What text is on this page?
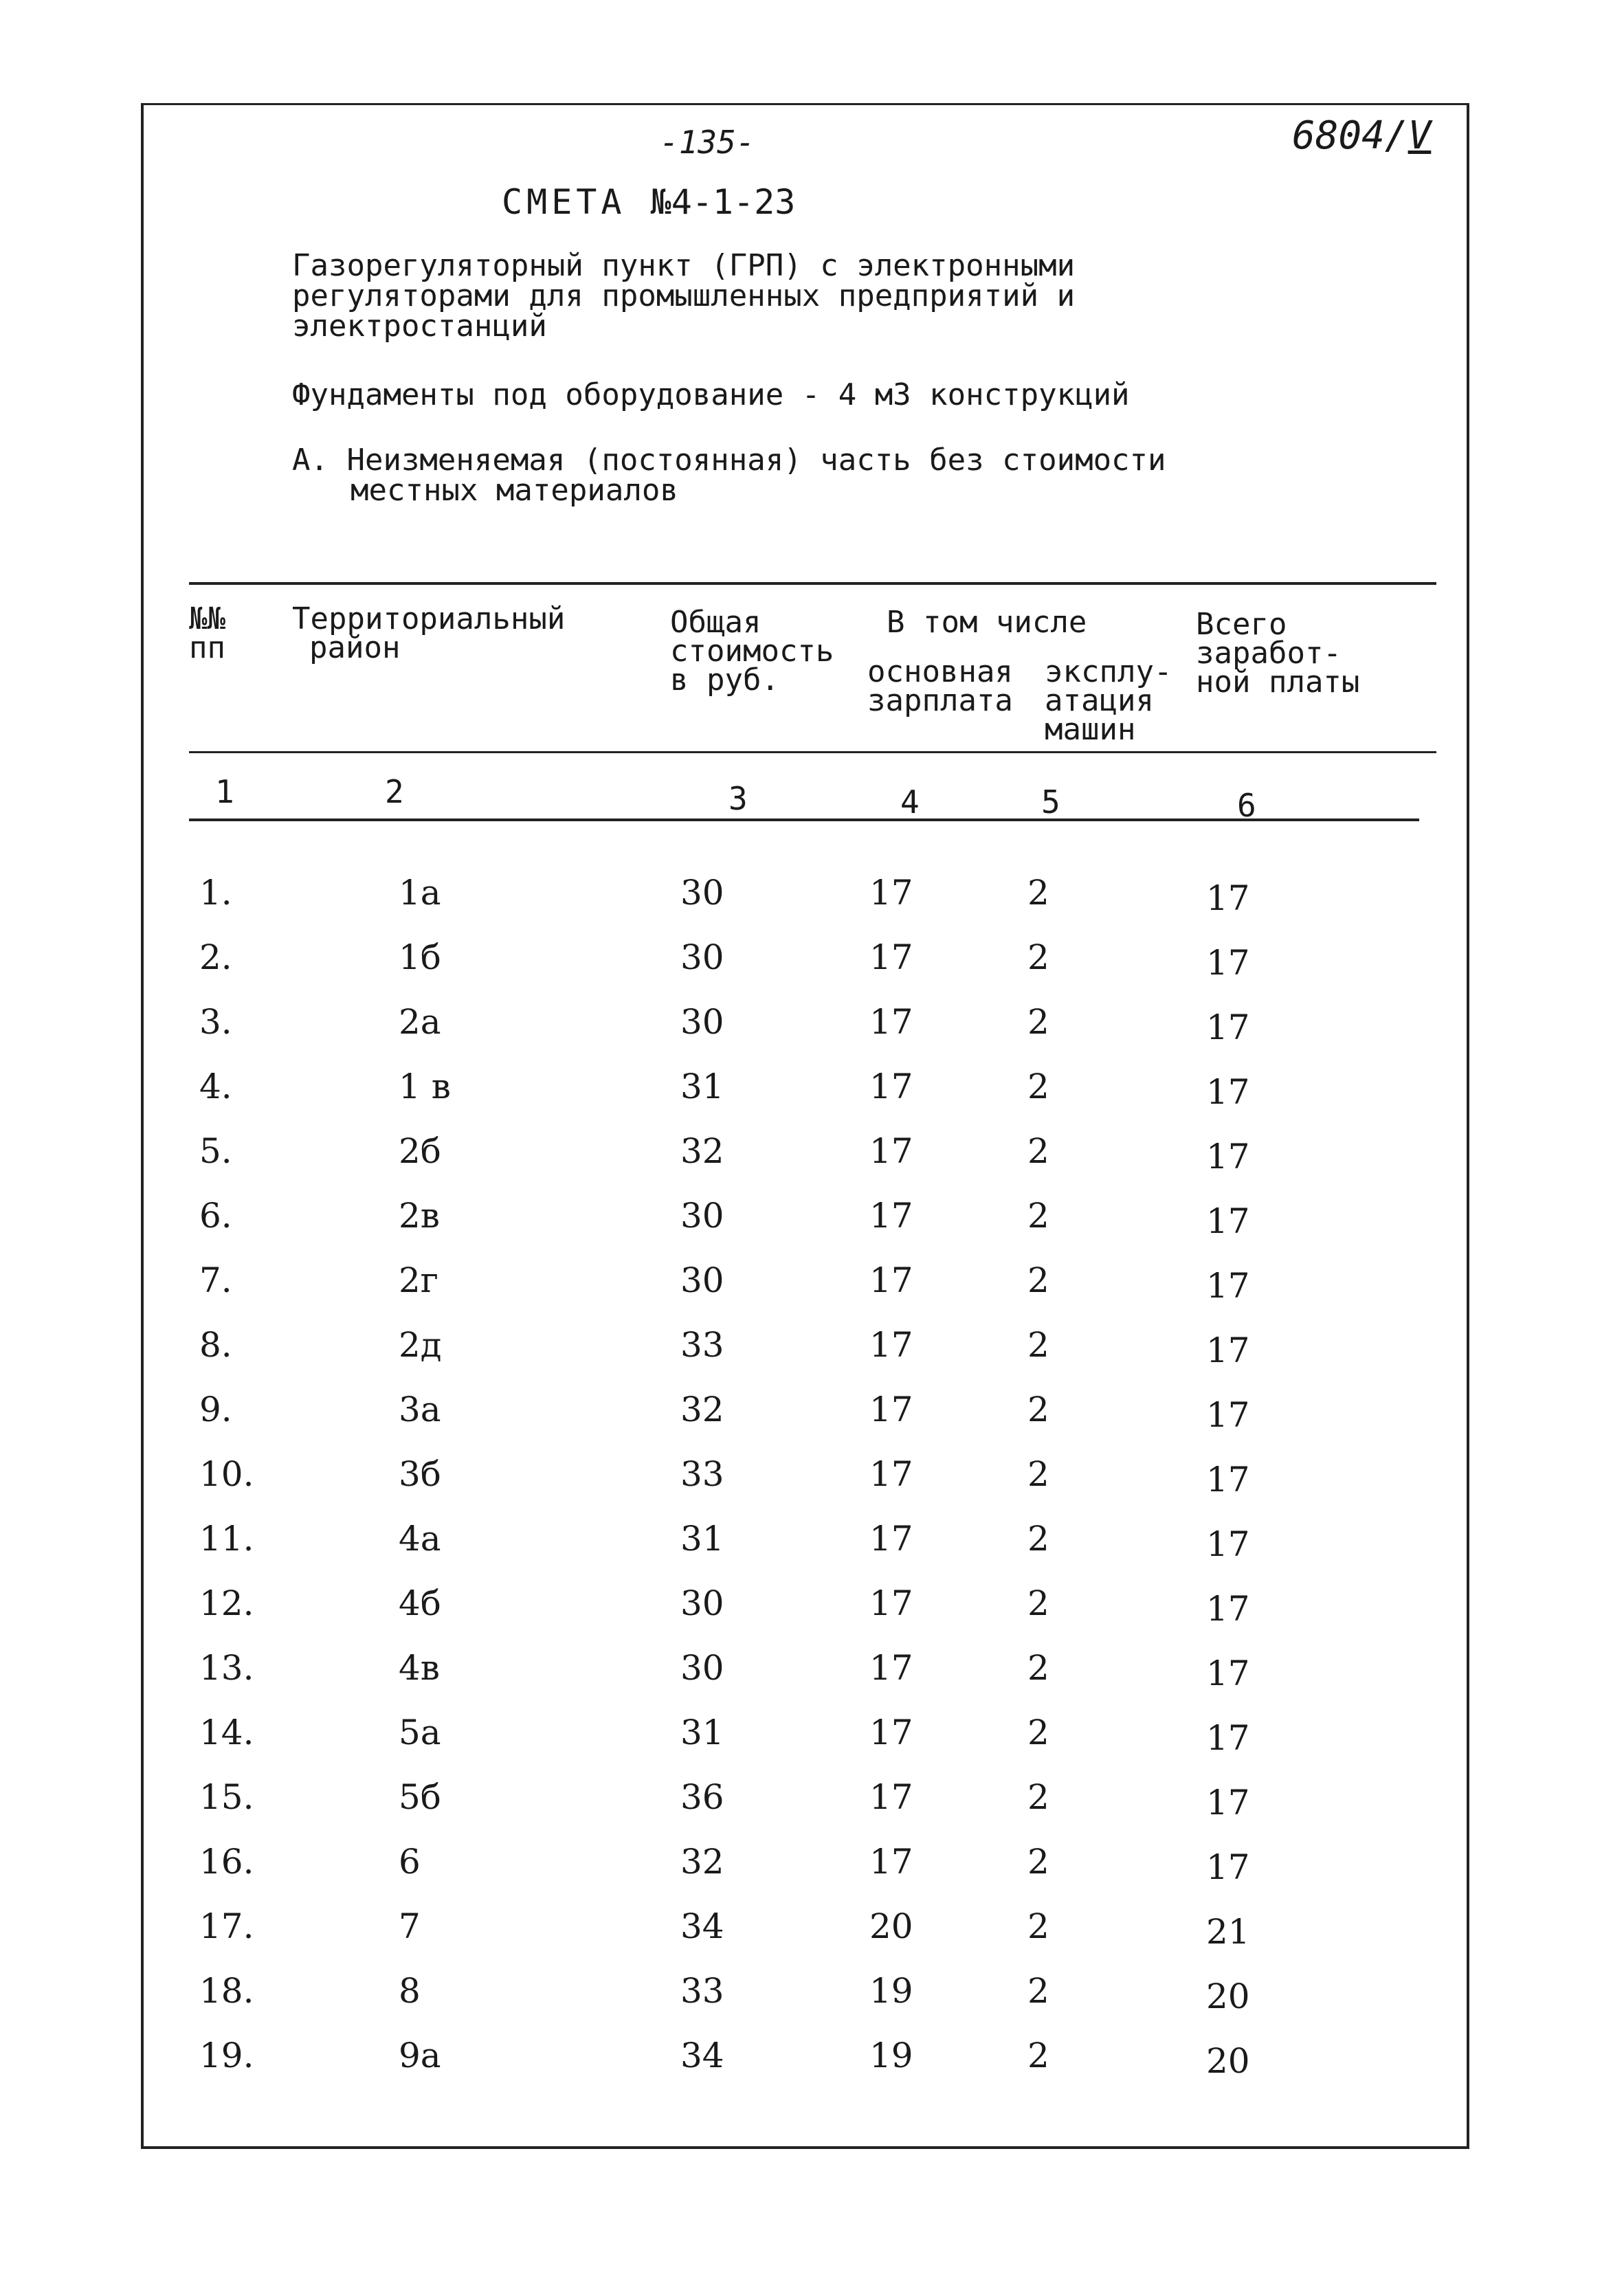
-135-	6804/V
СМЕТА №4-1-23
Газорегуляторный пункт (ГРП) с электронными
регуляторами для промышленных предприятий и
электростанций
Фундаменты под оборудование - 4 м3 конструкций
А. Неизменяемая (постоянная) часть без стоимости
местных материалов
№№
пп
Территориальный
район
Общая
стоимость
в руб.
В том числе
основная
зарплата
эксплу-
атация
машин
Всего
заработ-
ной платы
1	2	3	4	5	6
1.	1а	30	17	2	17
2.	1б	30	17	2	17
3.	2а	30	17	2	17
4.	1 в	31	17	2	17
5.	2б	32	17	2	17
6.	2в	30	17	2	17
7.	2г	30	17	2	17
8.	2д	33	17	2	17
9.	3а	32	17	2	17
10.	3б	33	17	2	17
11.	4а	31	17	2	17
12.	4б	30	17	2	17
13.	4в	30	17	2	17
14.	5а	31	17	2	17
15.	5б	36	17	2	17
16.	6	32	17	2	17
17.	7	34	20	2	21
18.	8	33	19	2	20
19.	9а	34	19	2	20
